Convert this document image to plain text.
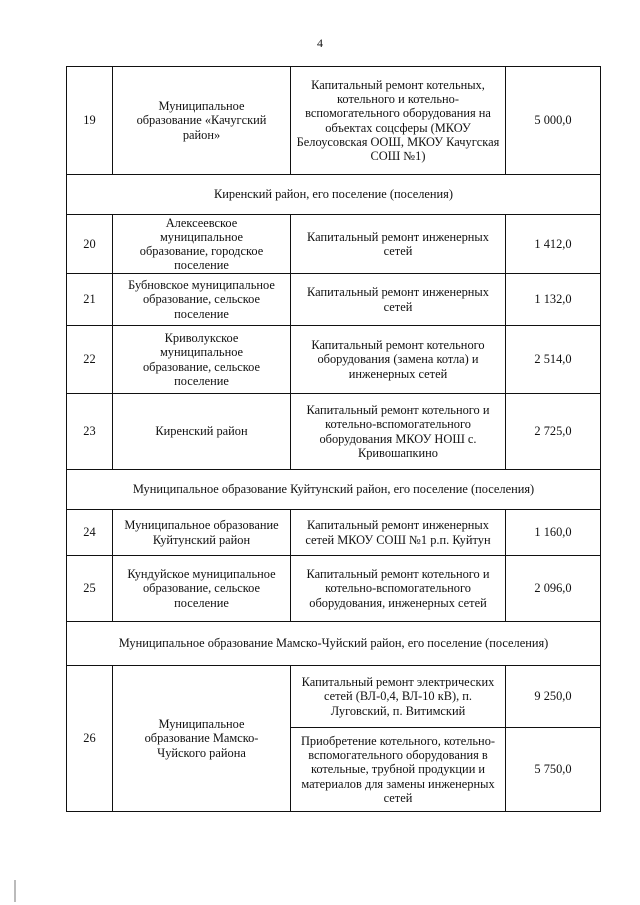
4
19	Муниципальное образование «Качугский район»	Капитальный ремонт котельных, котельного и котельно-вспомогательного оборудования на объектах соцсферы (МКОУ Белоусовская ООШ, МКОУ Качугская СОШ №1)	5 000,0
Киренский район, его поселение (поселения)			
20	Алексеевское муниципальное образование, городское поселение	Капитальный ремонт инженерных сетей	1 412,0
21	Бубновское муниципальное образование, сельское поселение	Капитальный ремонт инженерных сетей	1 132,0
22	Криволукское муниципальное образование, сельское поселение	Капитальный ремонт котельного оборудования (замена котла) и инженерных сетей	2 514,0
23	Киренский район	Капитальный ремонт котельного и котельно-вспомогательного оборудования МКОУ НОШ с. Кривошапкино	2 725,0
Муниципальное образование Куйтунский район, его поселение (поселения)			
24	Муниципальное образование Куйтунский район	Капитальный ремонт инженерных сетей МКОУ СОШ №1 р.п. Куйтун	1 160,0
25	Кундуйское муниципальное образование, сельское поселение	Капитальный ремонт котельного и котельно-вспомогательного оборудования, инженерных сетей	2 096,0
Муниципальное образование Мамско-Чуйский район, его поселение (поселения)			
26	Муниципальное образование Мамско-Чуйского района	Капитальный ремонт электрических сетей (ВЛ-0,4, ВЛ-10 кВ), п. Луговский, п. Витимский	9 250,0
		Приобретение котельного, котельно-вспомогательного оборудования в котельные, трубной продукции и материалов для замены инженерных сетей	5 750,0
